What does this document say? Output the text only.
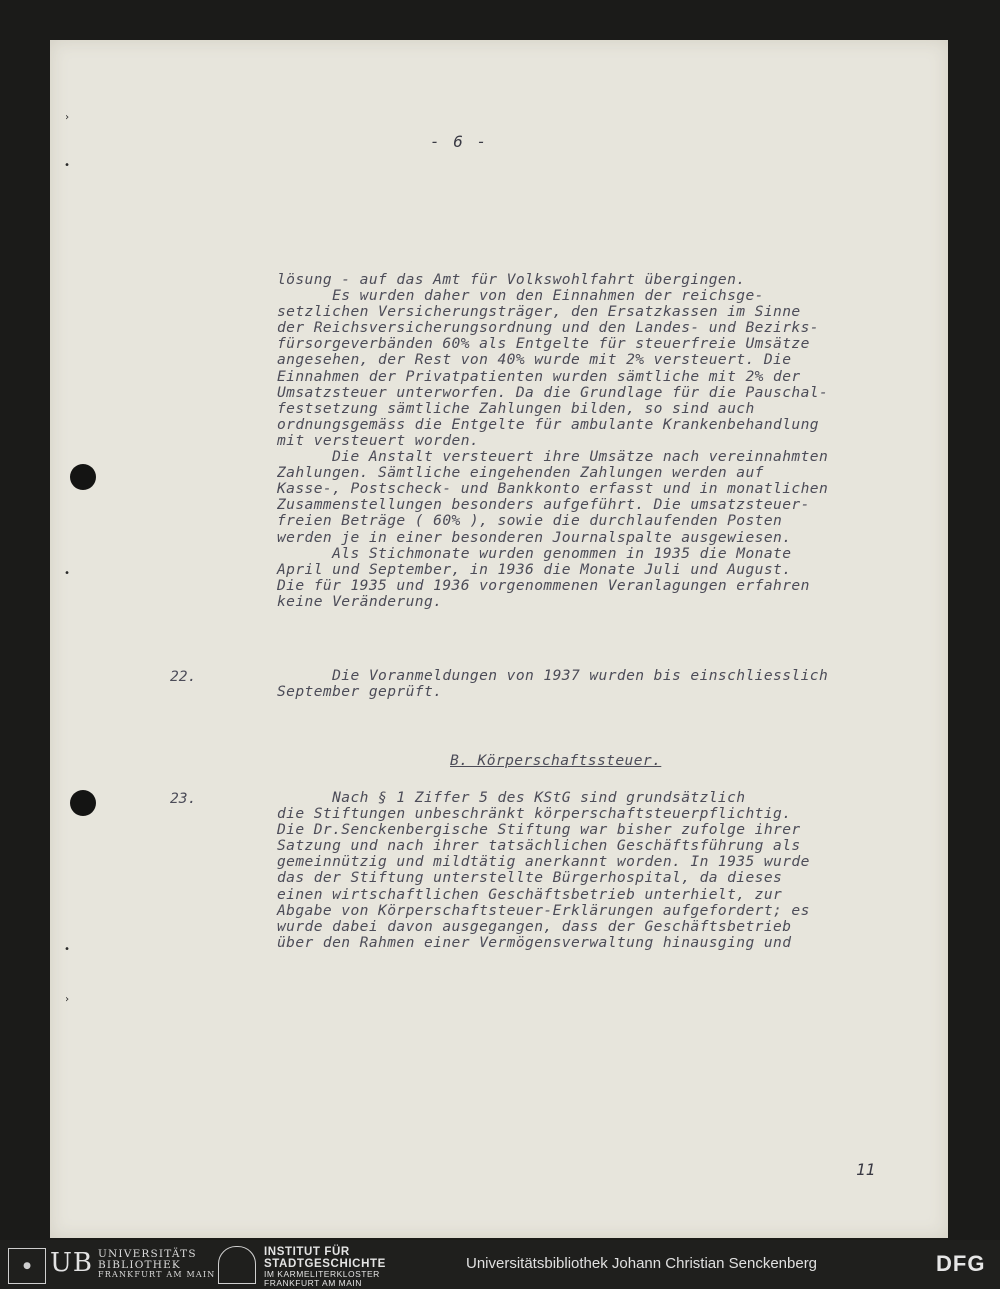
›
•
•
•
›
- 6 -
lösung - auf das Amt für Volkswohlfahrt übergingen.
Es wurden daher von den Einnahmen der reichsge-
setzlichen Versicherungsträger, den Ersatzkassen im Sinne
der Reichsversicherungsordnung und den Landes- und Bezirks-
fürsorgeverbänden 60% als Entgelte für steuerfreie Umsätze
angesehen, der Rest von 40% wurde mit 2% versteuert. Die
Einnahmen der Privatpatienten wurden sämtliche mit 2% der
Umsatzsteuer unterworfen. Da die Grundlage für die Pauschal-
festsetzung sämtliche Zahlungen bilden, so sind auch
ordnungsgemäss die Entgelte für ambulante Krankenbehandlung
mit versteuert worden.
Die Anstalt versteuert ihre Umsätze nach vereinnahmten
Zahlungen. Sämtliche eingehenden Zahlungen werden auf
Kasse-, Postscheck- und Bankkonto erfasst und in monatlichen
Zusammenstellungen besonders aufgeführt. Die umsatzsteuer-
freien Beträge ( 60% ), sowie die durchlaufenden Posten
werden je in einer besonderen Journalspalte ausgewiesen.
Als Stichmonate wurden genommen in 1935 die Monate
April und September, in 1936 die Monate Juli und August.
Die für 1935 und 1936 vorgenommenen Veranlagungen erfahren
keine Veränderung.
22.	Die Voranmeldungen von 1937 wurden bis einschliesslich
September geprüft.
B. Körperschaftssteuer.
23.	Nach § 1 Ziffer 5 des KStG sind grundsätzlich
die Stiftungen unbeschränkt körperschaftsteuerpflichtig.
Die Dr.Senckenbergische Stiftung war bisher zufolge ihrer
Satzung und nach ihrer tatsächlichen Geschäftsführung als
gemeinnützig und mildtätig anerkannt worden. In 1935 wurde
das der Stiftung unterstellte Bürgerhospital, da dieses
einen wirtschaftlichen Geschäftsbetrieb unterhielt, zur
Abgabe von Körperschaftsteuer-Erklärungen aufgefordert; es
wurde dabei davon ausgegangen, dass der Geschäftsbetrieb
über den Rahmen einer Vermögensverwaltung hinausging und
11
● UB UNIVERSITÄTS
BIBLIOTHEK
FRANKFURT AM MAIN
INSTITUT FÜR
STADTGESCHICHTE
IM KARMELITERKLOSTER
FRANKFURT AM MAIN
Universitätsbibliothek Johann Christian Senckenberg	DFG
